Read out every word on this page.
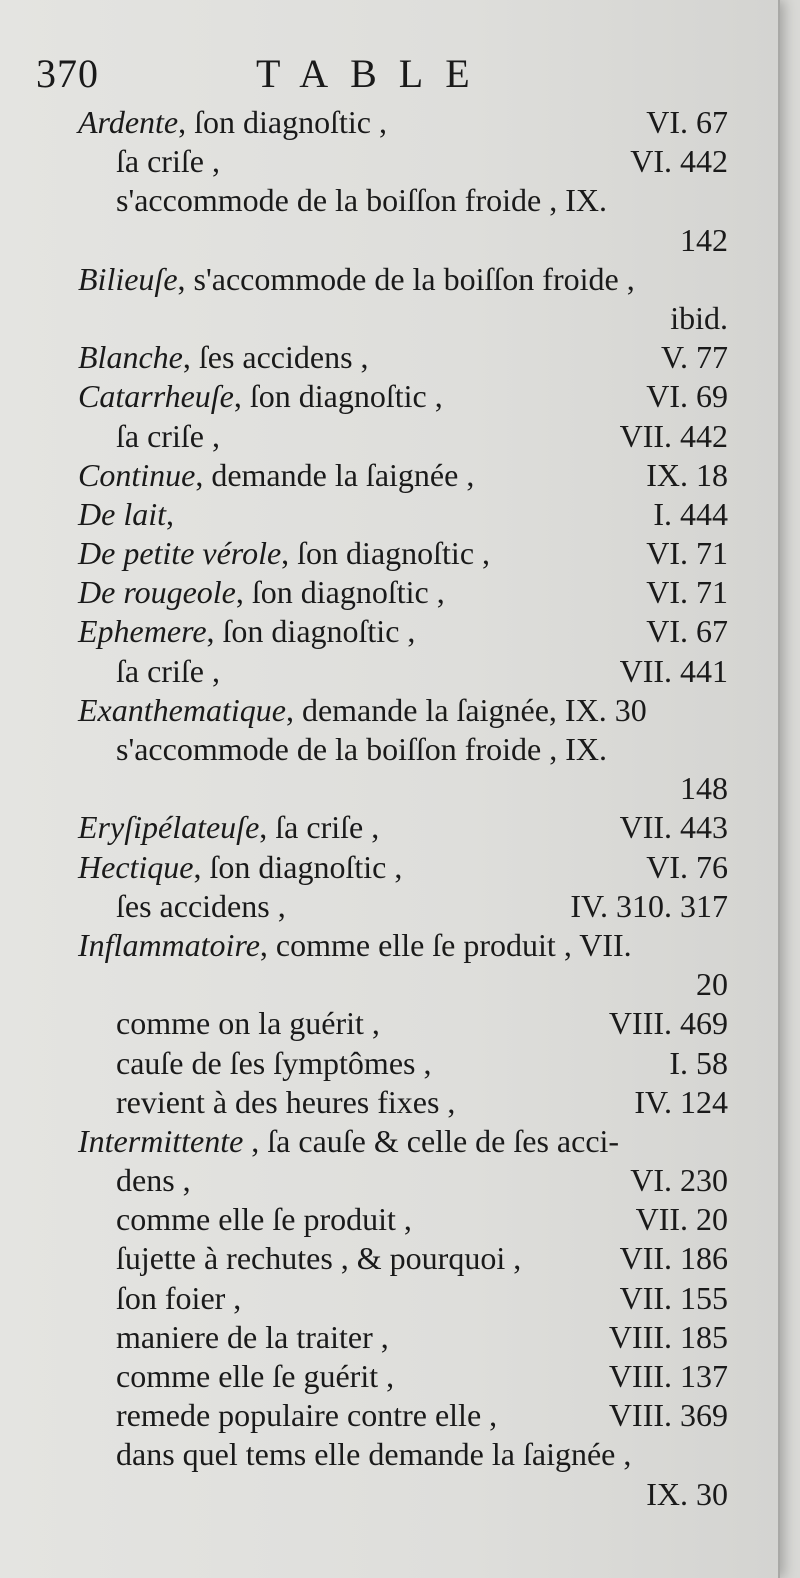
370	TABLE
Ardente, ſon diagnoſtic ,	VI. 67
ſa criſe ,	VI. 442
s'accommode de la boiſſon froide , IX.
142
Bilieuſe, s'accommode de la boiſſon froide ,
ibid.
Blanche, ſes accidens ,	V. 77
Catarrheuſe, ſon diagnoſtic ,	VI. 69
ſa criſe ,	VII. 442
Continue, demande la ſaignée ,	IX. 18
De lait,	I. 444
De petite vérole, ſon diagnoſtic ,	VI. 71
De rougeole, ſon diagnoſtic ,	VI. 71
Ephemere, ſon diagnoſtic ,	VI. 67
ſa criſe ,	VII. 441
Exanthematique, demande la ſaignée, IX. 30
s'accommode de la boiſſon froide , IX.
148
Eryſipélateuſe, ſa criſe ,	VII. 443
Hectique, ſon diagnoſtic ,	VI. 76
ſes accidens ,	IV. 310. 317
Inflammatoire, comme elle ſe produit , VII.
20
comme on la guérit ,	VIII. 469
cauſe de ſes ſymptômes ,	I. 58
revient à des heures fixes ,	IV. 124
Intermittente , ſa cauſe & celle de ſes acci-
dens ,	VI. 230
comme elle ſe produit ,	VII. 20
ſujette à rechutes , & pourquoi ,	VII. 186
ſon foier ,	VII. 155
maniere de la traiter ,	VIII. 185
comme elle ſe guérit ,	VIII. 137
remede populaire contre elle ,	VIII. 369
dans quel tems elle demande la ſaignée ,
IX. 30
